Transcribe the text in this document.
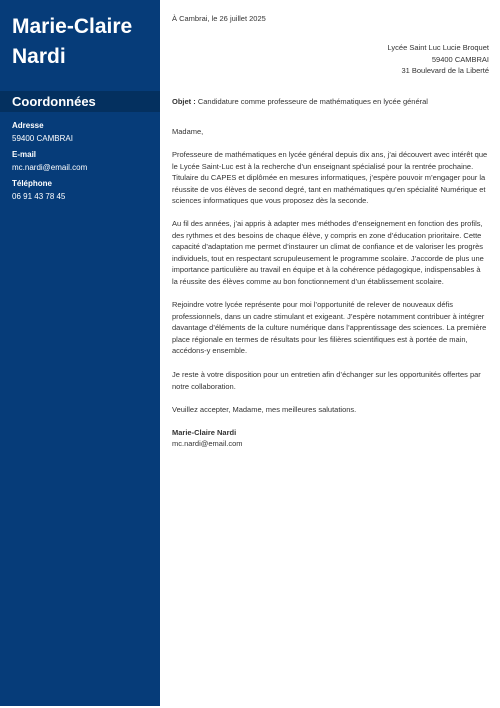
Marie-Claire
Nardi
Coordonnées
Adresse
59400 CAMBRAI
E-mail
mc.nardi@email.com
Téléphone
06 91 43 78 45
À Cambrai, le 26 juillet 2025
Lycée Saint Luc Lucie Broquet
59400 CAMBRAI
31 Boulevard de la Liberté
Objet : Candidature comme professeure de mathématiques en lycée général
Madame,
Professeure de mathématiques en lycée général depuis dix ans, j’ai découvert avec intérêt que le Lycée Saint-Luc est à la recherche d’un enseignant spécialisé pour la rentrée prochaine. Titulaire du CAPES et diplômée en mesures informatiques, j’espère pouvoir m’engager pour la réussite de vos élèves de second degré, tant en mathématiques qu’en spécialité Numérique et sciences informatiques que vous proposez dès la seconde.
Au fil des années, j’ai appris à adapter mes méthodes d’enseignement en fonction des profils, des rythmes et des besoins de chaque élève, y compris en zone d’éducation prioritaire. Cette capacité d’adaptation me permet d’instaurer un climat de confiance et de valoriser les progrès individuels, tout en respectant scrupuleusement le programme scolaire. J’accorde de plus une importance particulière au travail en équipe et à la cohérence pédagogique, indispensables à la réussite des élèves comme au bon fonctionnement d’un établissement scolaire.
Rejoindre votre lycée représente pour moi l’opportunité de relever de nouveaux défis professionnels, dans un cadre stimulant et exigeant. J’espère notamment contribuer à intégrer davantage d’éléments de la culture numérique dans l’apprentissage des sciences. La première place régionale en termes de résultats pour les filières scientifiques est à portée de main, accédons-y ensemble.
Je reste à votre disposition pour un entretien afin d’échanger sur les opportunités offertes par notre collaboration.
Veuillez accepter, Madame, mes meilleures salutations.
Marie-Claire Nardi
mc.nardi@email.com
